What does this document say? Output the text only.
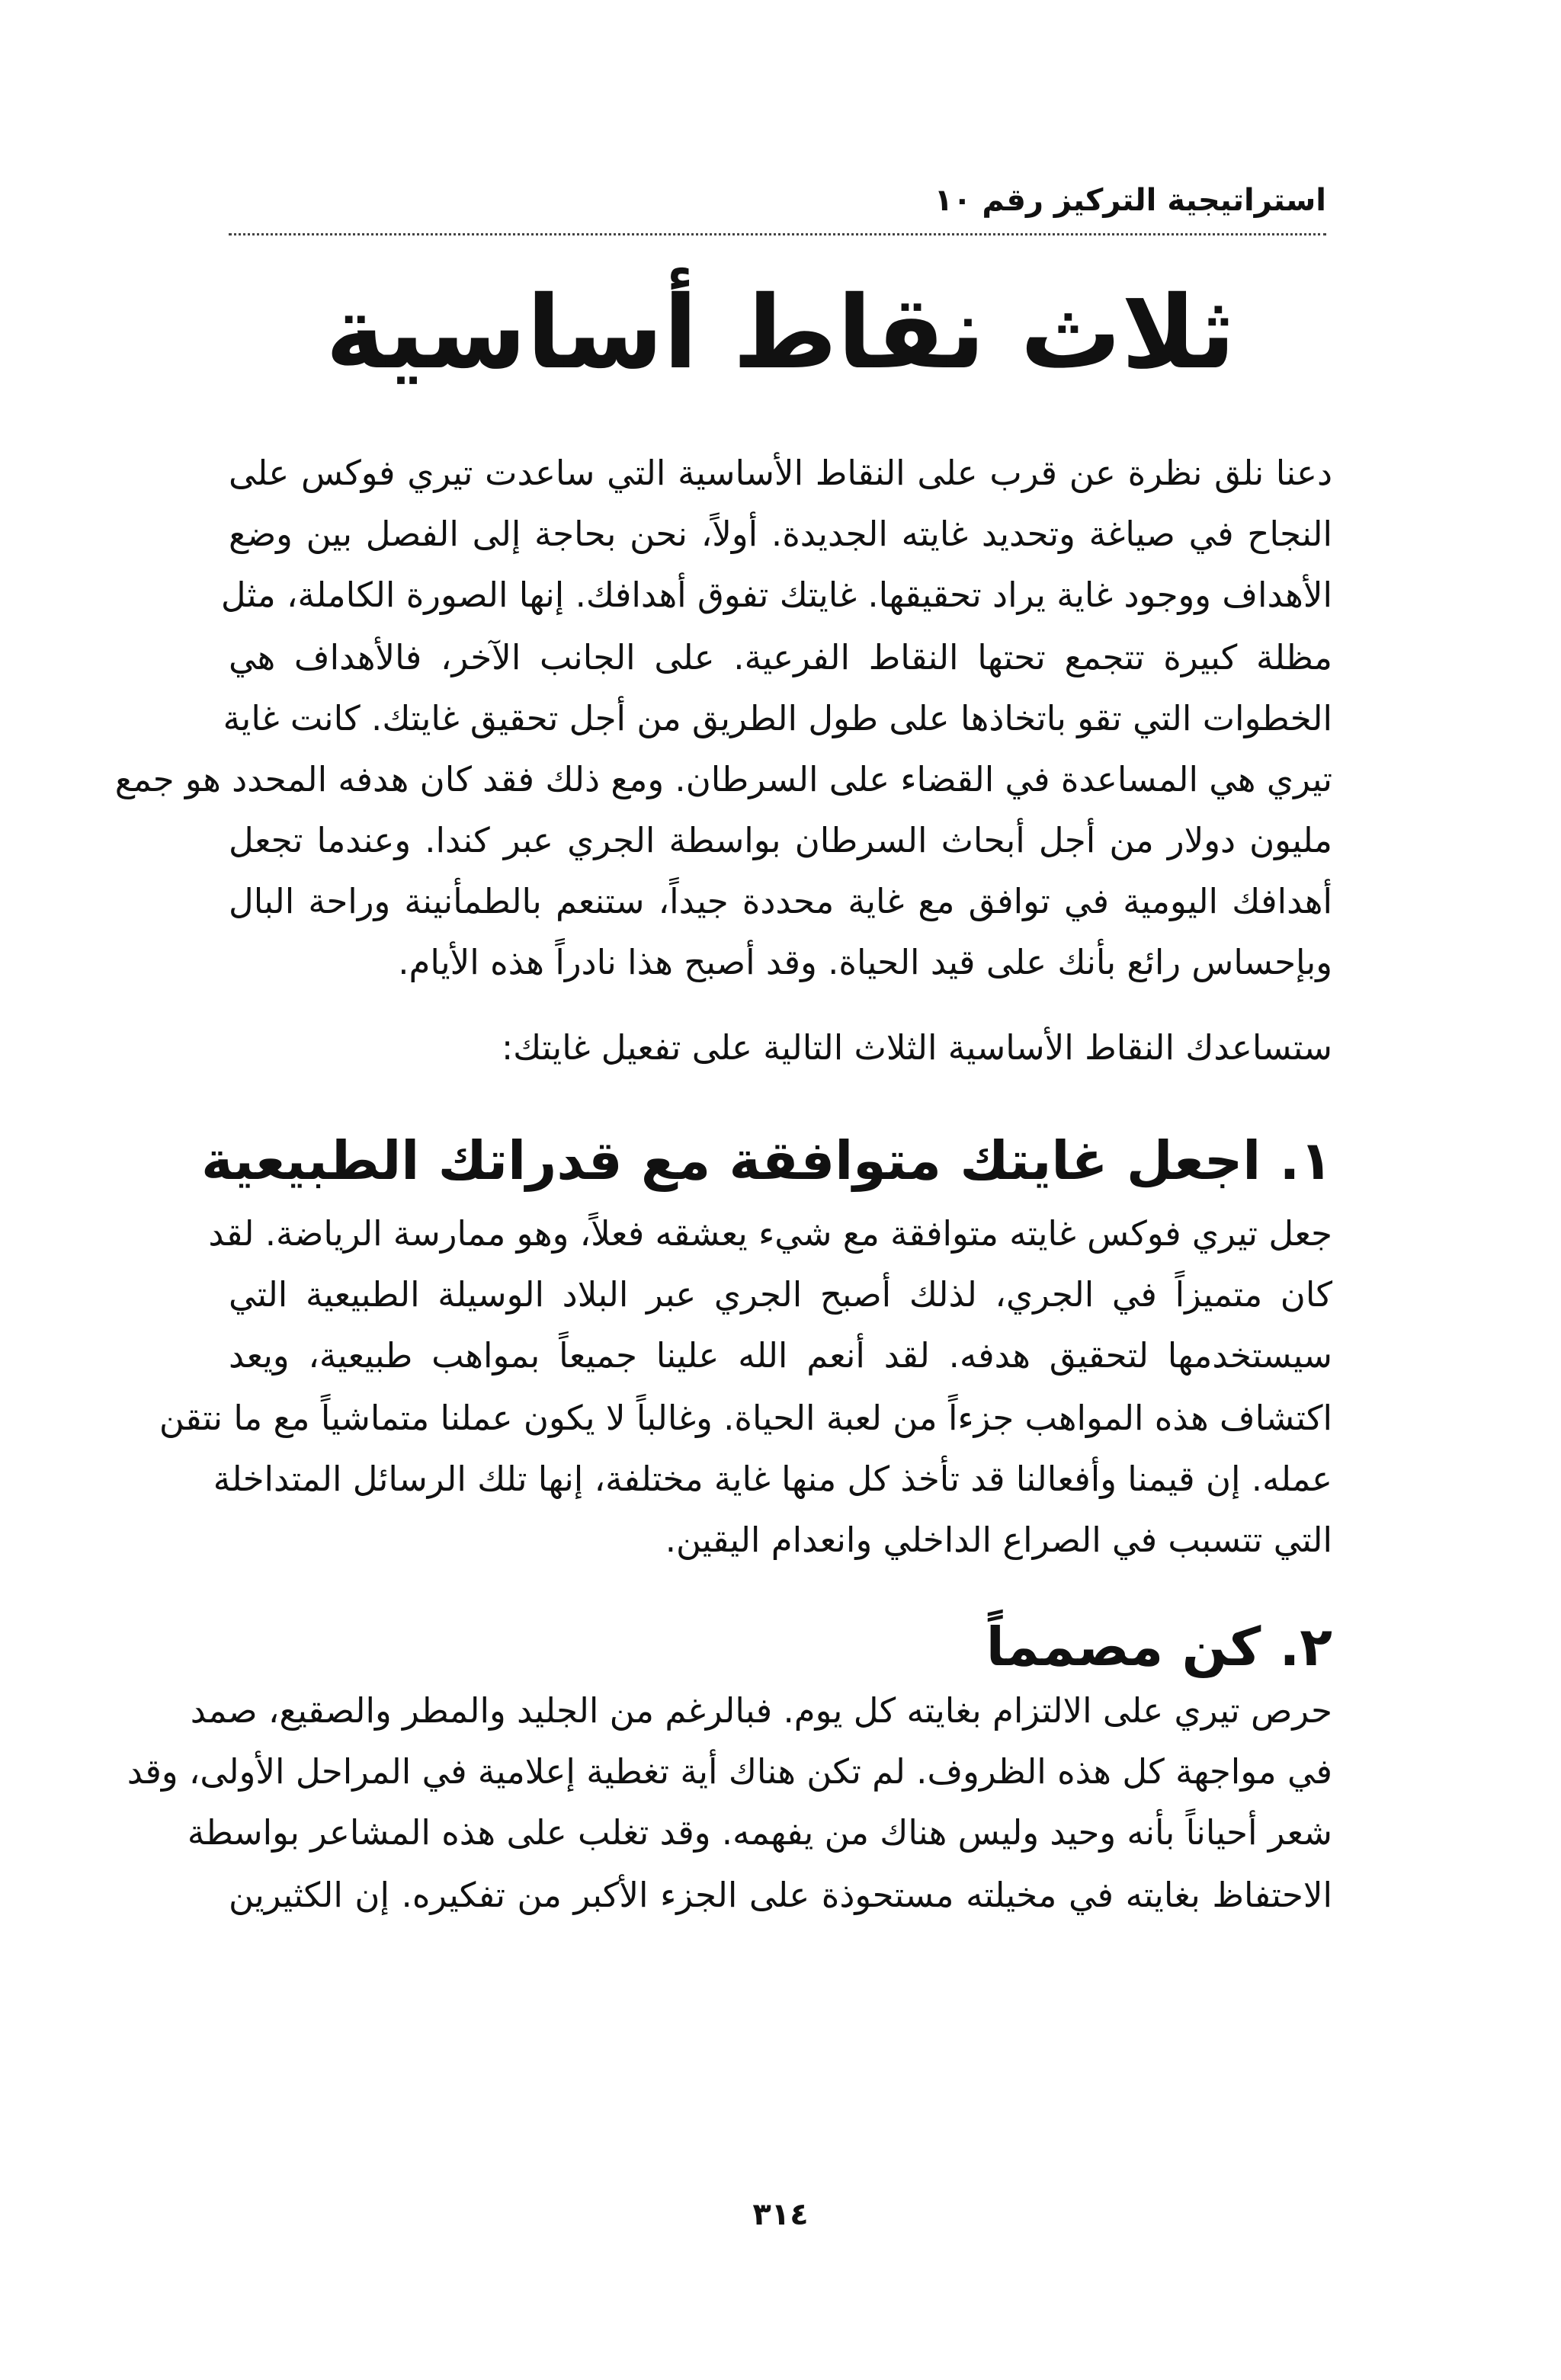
استراتيجية التركيز رقم ١٠
ثلاث نقاط أساسية
دعنا نلق نظرة عن قرب على النقاط الأساسية التي ساعدت تيري فوكس على
النجاح في صياغة وتحديد غايته الجديدة. أولاً، نحن بحاجة إلى الفصل بين وضع
الأهداف ووجود غاية يراد تحقيقها. غايتك تفوق أهدافك. إنها الصورة الكاملة، مثل
مظلة كبيرة تتجمع تحتها النقاط الفرعية. على الجانب الآخر، فالأهداف هي
الخطوات التي تقو باتخاذها على طول الطريق من أجل تحقيق غايتك. كانت غاية
تيري هي المساعدة في القضاء على السرطان. ومع ذلك فقد كان هدفه المحدد هو جمع
مليون دولار من أجل أبحاث السرطان بواسطة الجري عبر كندا. وعندما تجعل
أهدافك اليومية في توافق مع غاية محددة جيداً، ستنعم بالطمأنينة وراحة البال
وبإحساس رائع بأنك على قيد الحياة. وقد أصبح هذا نادراً هذه الأيام.
ستساعدك النقاط الأساسية الثلاث التالية على تفعيل غايتك:
١. اجعل غايتك متوافقة مع قدراتك الطبيعية
جعل تيري فوكس غايته متوافقة مع شيء يعشقه فعلاً، وهو ممارسة الرياضة. لقد
كان متميزاً في الجري، لذلك أصبح الجري عبر البلاد الوسيلة الطبيعية التي
سيستخدمها لتحقيق هدفه. لقد أنعم الله علينا جميعاً بمواهب طبيعية، ويعد
اكتشاف هذه المواهب جزءاً من لعبة الحياة. وغالباً لا يكون عملنا متماشياً مع ما نتقن
عمله. إن قيمنا وأفعالنا قد تأخذ كل منها غاية مختلفة، إنها تلك الرسائل المتداخلة
التي تتسبب في الصراع الداخلي وانعدام اليقين.
٢. كن مصمماً
حرص تيري على الالتزام بغايته كل يوم. فبالرغم من الجليد والمطر والصقيع، صمد
في مواجهة كل هذه الظروف. لم تكن هناك أية تغطية إعلامية في المراحل الأولى، وقد
شعر أحياناً بأنه وحيد وليس هناك من يفهمه. وقد تغلب على هذه المشاعر بواسطة
الاحتفاظ بغايته في مخيلته مستحوذة على الجزء الأكبر من تفكيره. إن الكثيرين
٣١٤
